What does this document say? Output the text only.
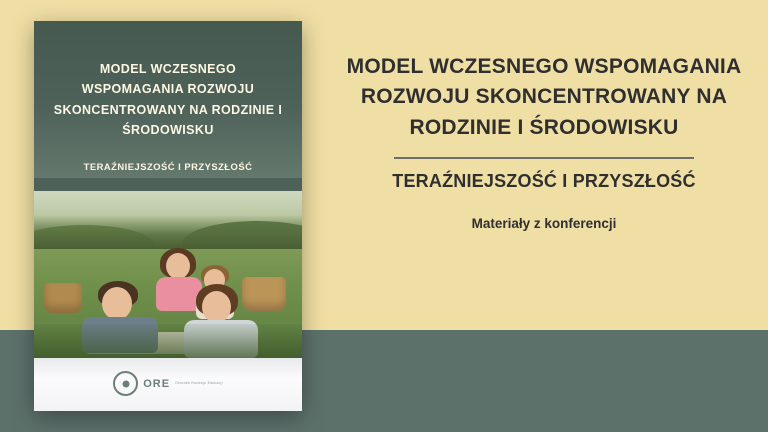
MODEL WCZESNEGO WSPOMAGANIA ROZWOJU SKONCENTROWANY NA RODZINIE I ŚRODOWISKU
TERAŹNIEJSZOŚĆ I PRZYSZŁOŚĆ
ORE Ośrodek Rozwoju Edukacji
MODEL WCZESNEGO WSPOMAGANIA ROZWOJU SKONCENTROWANY NA RODZINIE I ŚRODOWISKU
TERAŹNIEJSZOŚĆ I PRZYSZŁOŚĆ
Materiały z konferencji
